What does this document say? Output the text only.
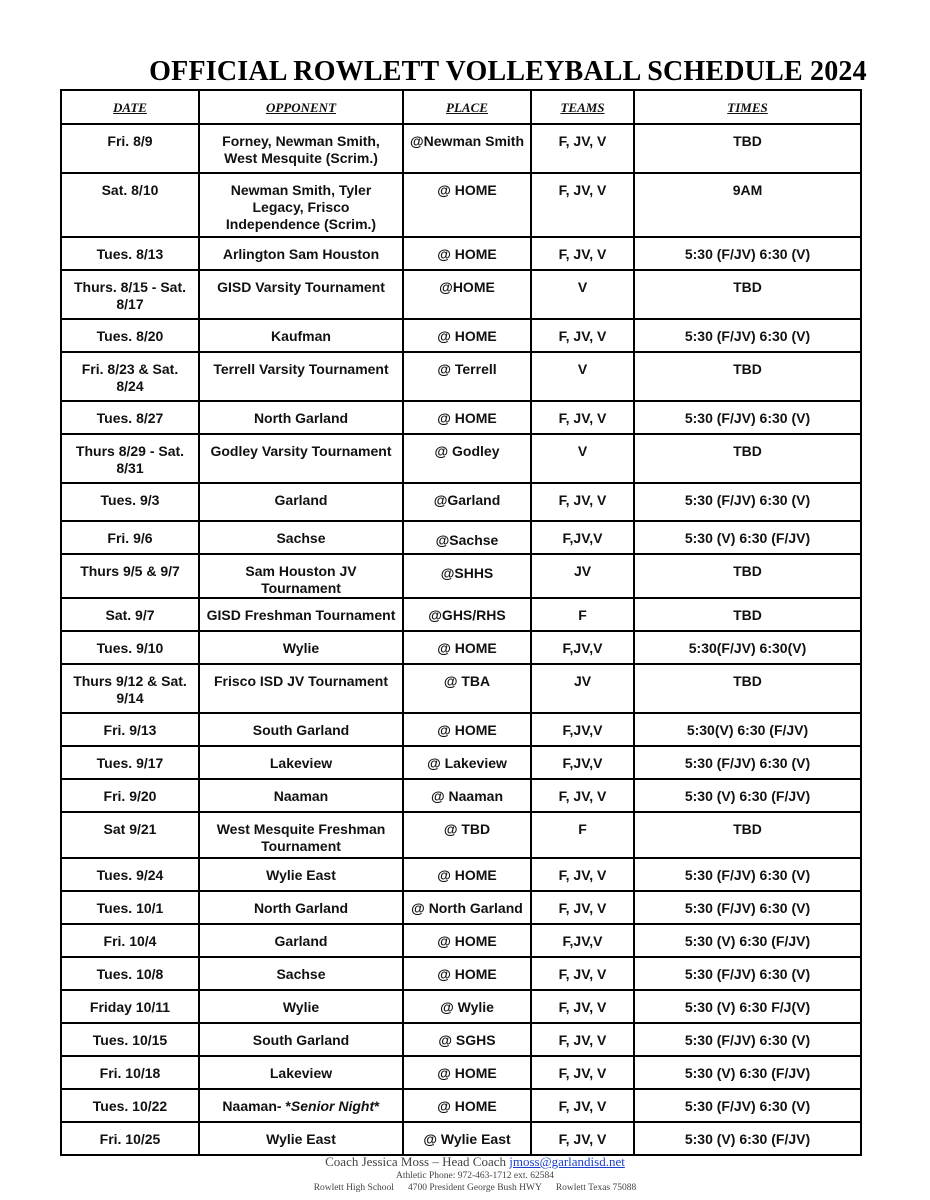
OFFICIAL ROWLETT VOLLEYBALL SCHEDULE 2024
DATE	OPPONENT	PLACE	TEAMS	TIMES
Fri. 8/9	Forney, Newman Smith, West Mesquite (Scrim.)	@Newman Smith	F, JV, V	TBD
Sat. 8/10	Newman Smith, Tyler Legacy, Frisco Independence (Scrim.)	@ HOME	F, JV, V	9AM
Tues. 8/13	Arlington Sam Houston	@ HOME	F, JV, V	5:30 (F/JV) 6:30 (V)
Thurs. 8/15 - Sat. 8/17	GISD Varsity Tournament	@HOME	V	TBD
Tues. 8/20	Kaufman	@ HOME	F, JV, V	5:30 (F/JV) 6:30 (V)
Fri. 8/23 & Sat. 8/24	Terrell Varsity Tournament	@ Terrell	V	TBD
Tues. 8/27	North Garland	@ HOME	F, JV, V	5:30 (F/JV) 6:30 (V)
Thurs 8/29 - Sat. 8/31	Godley Varsity Tournament	@ Godley	V	TBD
Tues. 9/3	Garland	@Garland	F, JV, V	5:30 (F/JV) 6:30 (V)
Fri. 9/6	Sachse	@Sachse	F,JV,V	5:30 (V) 6:30 (F/JV)
Thurs 9/5 & 9/7	Sam Houston JV Tournament	@SHHS	JV	TBD
Sat. 9/7	GISD Freshman Tournament	@GHS/RHS	F	TBD
Tues. 9/10	Wylie	@ HOME	F,JV,V	5:30(F/JV) 6:30(V)
Thurs 9/12 & Sat. 9/14	Frisco ISD JV Tournament	@ TBA	JV	TBD
Fri. 9/13	South Garland	@ HOME	F,JV,V	5:30(V) 6:30 (F/JV)
Tues. 9/17	Lakeview	@ Lakeview	F,JV,V	5:30 (F/JV) 6:30 (V)
Fri. 9/20	Naaman	@ Naaman	F, JV, V	5:30 (V) 6:30 (F/JV)
Sat 9/21	West Mesquite Freshman Tournament	@ TBD	F	TBD
Tues. 9/24	Wylie East	@ HOME	F, JV, V	5:30 (F/JV) 6:30 (V)
Tues. 10/1	North Garland	@ North Garland	F, JV, V	5:30 (F/JV) 6:30 (V)
Fri. 10/4	Garland	@ HOME	F,JV,V	5:30 (V) 6:30 (F/JV)
Tues. 10/8	Sachse	@ HOME	F, JV, V	5:30 (F/JV) 6:30 (V)
Friday 10/11	Wylie	@ Wylie	F, JV, V	5:30 (V) 6:30 F/J(V)
Tues. 10/15	South Garland	@ SGHS	F, JV, V	5:30 (F/JV) 6:30 (V)
Fri. 10/18	Lakeview	@ HOME	F, JV, V	5:30 (V) 6:30 (F/JV)
Tues. 10/22	Naaman- *Senior Night*	@ HOME	F, JV, V	5:30 (F/JV) 6:30 (V)
Fri. 10/25	Wylie East	@ Wylie East	F, JV, V	5:30 (V) 6:30 (F/JV)
Coach Jessica Moss – Head Coach jmoss@garlandisd.net
Athletic Phone: 972-463-1712 ext. 62584
Rowlett High School 4700 President George Bush HWY Rowlett Texas 75088
